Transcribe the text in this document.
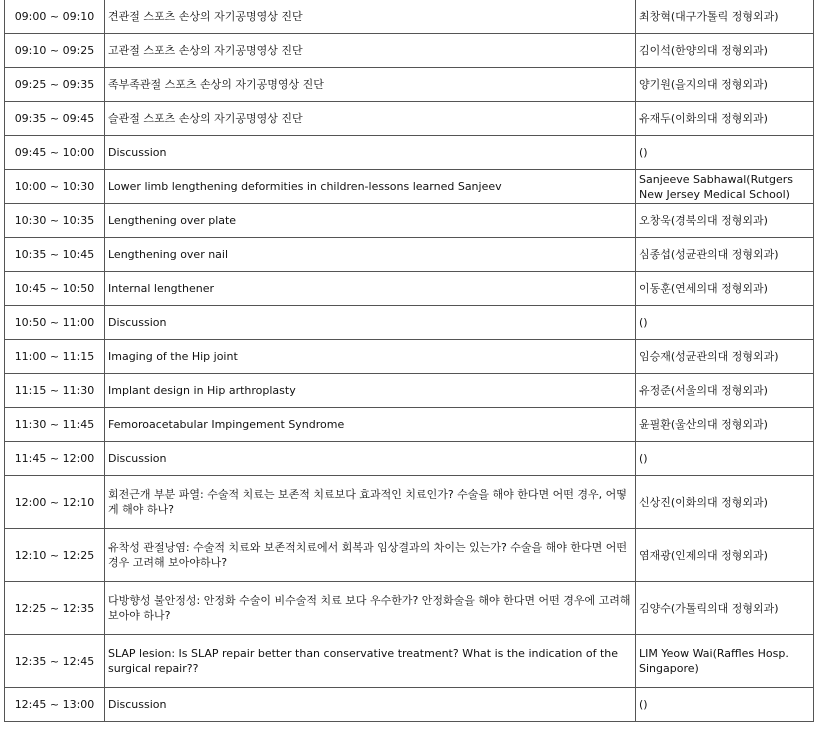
09:00 ~ 09:10	견관절 스포츠 손상의 자기공명영상 진단	최창혁(대구가톨릭 정형외과)
09:10 ~ 09:25	고관절 스포츠 손상의 자기공명영상 진단	김이석(한양의대 정형외과)
09:25 ~ 09:35	족부족관절 스포츠 손상의 자기공명영상 진단	양기원(을지의대 정형외과)
09:35 ~ 09:45	슬관절 스포츠 손상의 자기공명영상 진단	유재두(이화의대 정형외과)
09:45 ~ 10:00	Discussion	()
10:00 ~ 10:30	Lower limb lengthening deformities in children-lessons learned Sanjeev	Sanjeeve Sabhawal(Rutgers New Jersey Medical School)
10:30 ~ 10:35	Lengthening over plate	오창욱(경북의대 정형외과)
10:35 ~ 10:45	Lengthening over nail	심종섭(성균관의대 정형외과)
10:45 ~ 10:50	Internal lengthener	이동훈(연세의대 정형외과)
10:50 ~ 11:00	Discussion	()
11:00 ~ 11:15	Imaging of the Hip joint	임승재(성균관의대 정형외과)
11:15 ~ 11:30	Implant design in Hip arthroplasty	유정준(서울의대 정형외과)
11:30 ~ 11:45	Femoroacetabular Impingement Syndrome	윤필환(울산의대 정형외과)
11:45 ~ 12:00	Discussion	()
12:00 ~ 12:10	회전근개 부분 파열: 수술적 치료는 보존적 치료보다 효과적인 치료인가? 수술을 해야 한다면 어떤 경우, 어떻게 해야 하나?	신상진(이화의대 정형외과)
12:10 ~ 12:25	유착성 관절낭염: 수술적 치료와 보존적치료에서 회복과 임상결과의 차이는 있는가? 수술을 해야 한다면 어떤 경우 고려해 보아야하나?	염재광(인제의대 정형외과)
12:25 ~ 12:35	다방향성 불안정성: 안정화 수술이 비수술적 치료 보다 우수한가? 안정화술을 해야 한다면 어떤 경우에 고려해 보아야 하나?	김양수(가톨릭의대 정형외과)
12:35 ~ 12:45	SLAP lesion: Is SLAP repair better than conservative treatment? What is the indication of the surgical repair??	LIM Yeow Wai(Raffles Hosp. Singapore)
12:45 ~ 13:00	Discussion	()
